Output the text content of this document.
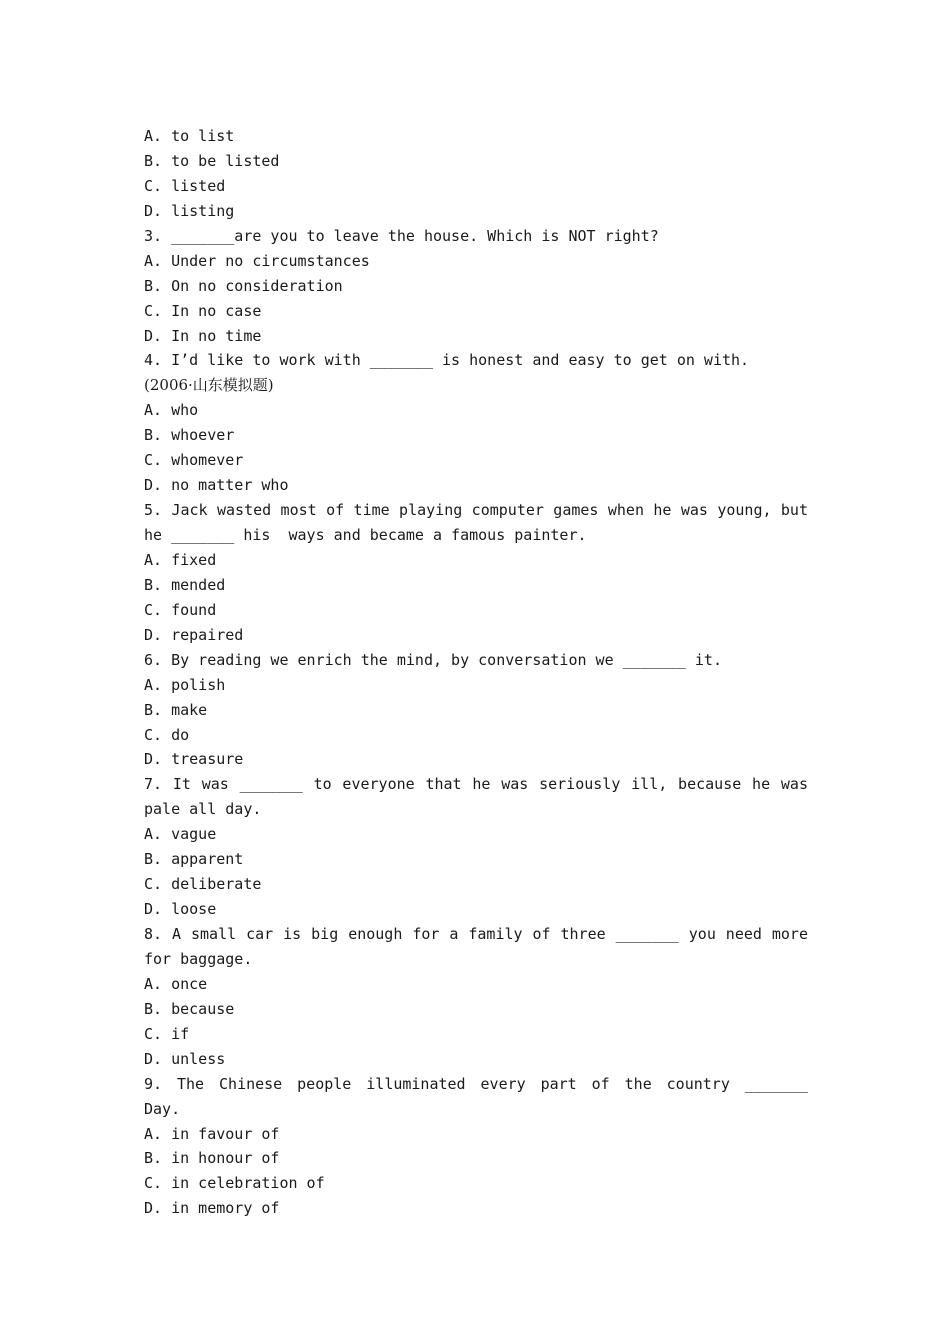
A. to list
B. to be listed
C. listed
D. listing
3. _______are you to leave the house. Which is NOT right?
A. Under no circumstances
B. On no consideration
C. In no case
D. In no time
4. I’d like to work with _______ is honest and easy to get on with.
(2006·山东模拟题)
A. who
B. whoever
C. whomever
D. no matter who
5. Jack wasted most of time playing computer games when he was young, but
he _______ his  ways and became a famous painter.
A. fixed
B. mended
C. found
D. repaired
6. By reading we enrich the mind, by conversation we _______ it.
A. polish
B. make
C. do
D. treasure
7. It was _______ to everyone that he was seriously ill, because he was
pale all day.
A. vague
B. apparent
C. deliberate
D. loose
8. A small car is big enough for a family of three _______ you need more
for baggage.
A. once
B. because
C. if
D. unless
9. The Chinese people illuminated every part of the country _______
Day.
A. in favour of
B. in honour of
C. in celebration of
D. in memory of
